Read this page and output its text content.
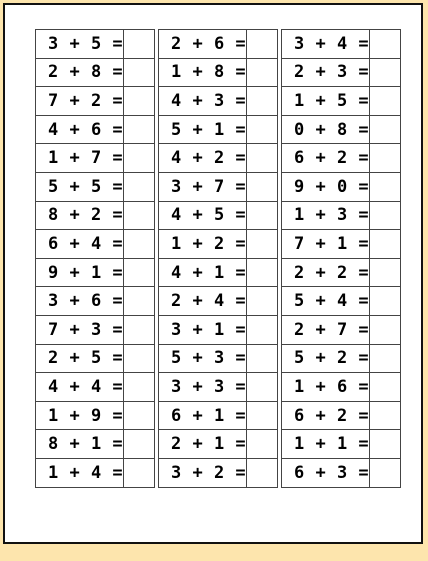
3 + 5 =	
2 + 8 =	
7 + 2 =	
4 + 6 =	
1 + 7 =	
5 + 5 =	
8 + 2 =	
6 + 4 =	
9 + 1 =	
3 + 6 =	
7 + 3 =	
2 + 5 =	
4 + 4 =	
1 + 9 =	
8 + 1 =	
1 + 4 =	
2 + 6 =	
1 + 8 =	
4 + 3 =	
5 + 1 =	
4 + 2 =	
3 + 7 =	
4 + 5 =	
1 + 2 =	
4 + 1 =	
2 + 4 =	
3 + 1 =	
5 + 3 =	
3 + 3 =	
6 + 1 =	
2 + 1 =	
3 + 2 =	
3 + 4 =	
2 + 3 =	
1 + 5 =	
0 + 8 =	
6 + 2 =	
9 + 0 =	
1 + 3 =	
7 + 1 =	
2 + 2 =	
5 + 4 =	
2 + 7 =	
5 + 2 =	
1 + 6 =	
6 + 2 =	
1 + 1 =	
6 + 3 =	
